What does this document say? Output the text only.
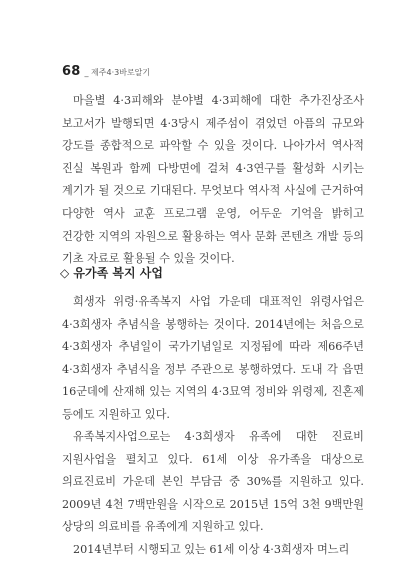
68 _ 제주4·3바로알기

마을별 4·3피해와 분야별 4·3피해에 대한 추가진상조사 보고서가 발행되면 4·3당시 제주섬이 겪었던 아픔의 규모와 강도를 종합적으로 파악할 수 있을 것이다. 나아가서 역사적 진실 복원과 함께 다방면에 걸쳐 4·3연구를 활성화 시키는 계기가 될 것으로 기대된다. 무엇보다 역사적 사실에 근거하여 다양한 역사 교훈 프로그램 운영, 어두운 기억을 밝히고 건강한 지역의 자원으로 활용하는 역사 문화 콘텐츠 개발 등의 기초 자료로 활용될 수 있을 것이다.

◇ 유가족 복지 사업

희생자 위령·유족복지 사업 가운데 대표적인 위령사업은 4·3희생자 추념식을 봉행하는 것이다. 2014년에는 처음으로 4·3희생자 추념일이 국가기념일로 지정됨에 따라 제66주년 4·3희생자 추념식을 정부 주관으로 봉행하였다. 도내 각 읍면 16군데에 산재해 있는 지역의 4·3묘역 정비와 위령제, 진혼제 등에도 지원하고 있다.

유족복지사업으로는 4·3희생자 유족에 대한 진료비 지원사업을 펼치고 있다. 61세 이상 유가족을 대상으로 의료진료비 가운데 본인 부담금 중 30%를 지원하고 있다. 2009년 4천 7백만원을 시작으로 2015년 15억 3천 9백만원 상당의 의료비를 유족에게 지원하고 있다.

2014년부터 시행되고 있는 61세 이상 4·3희생자 며느리
